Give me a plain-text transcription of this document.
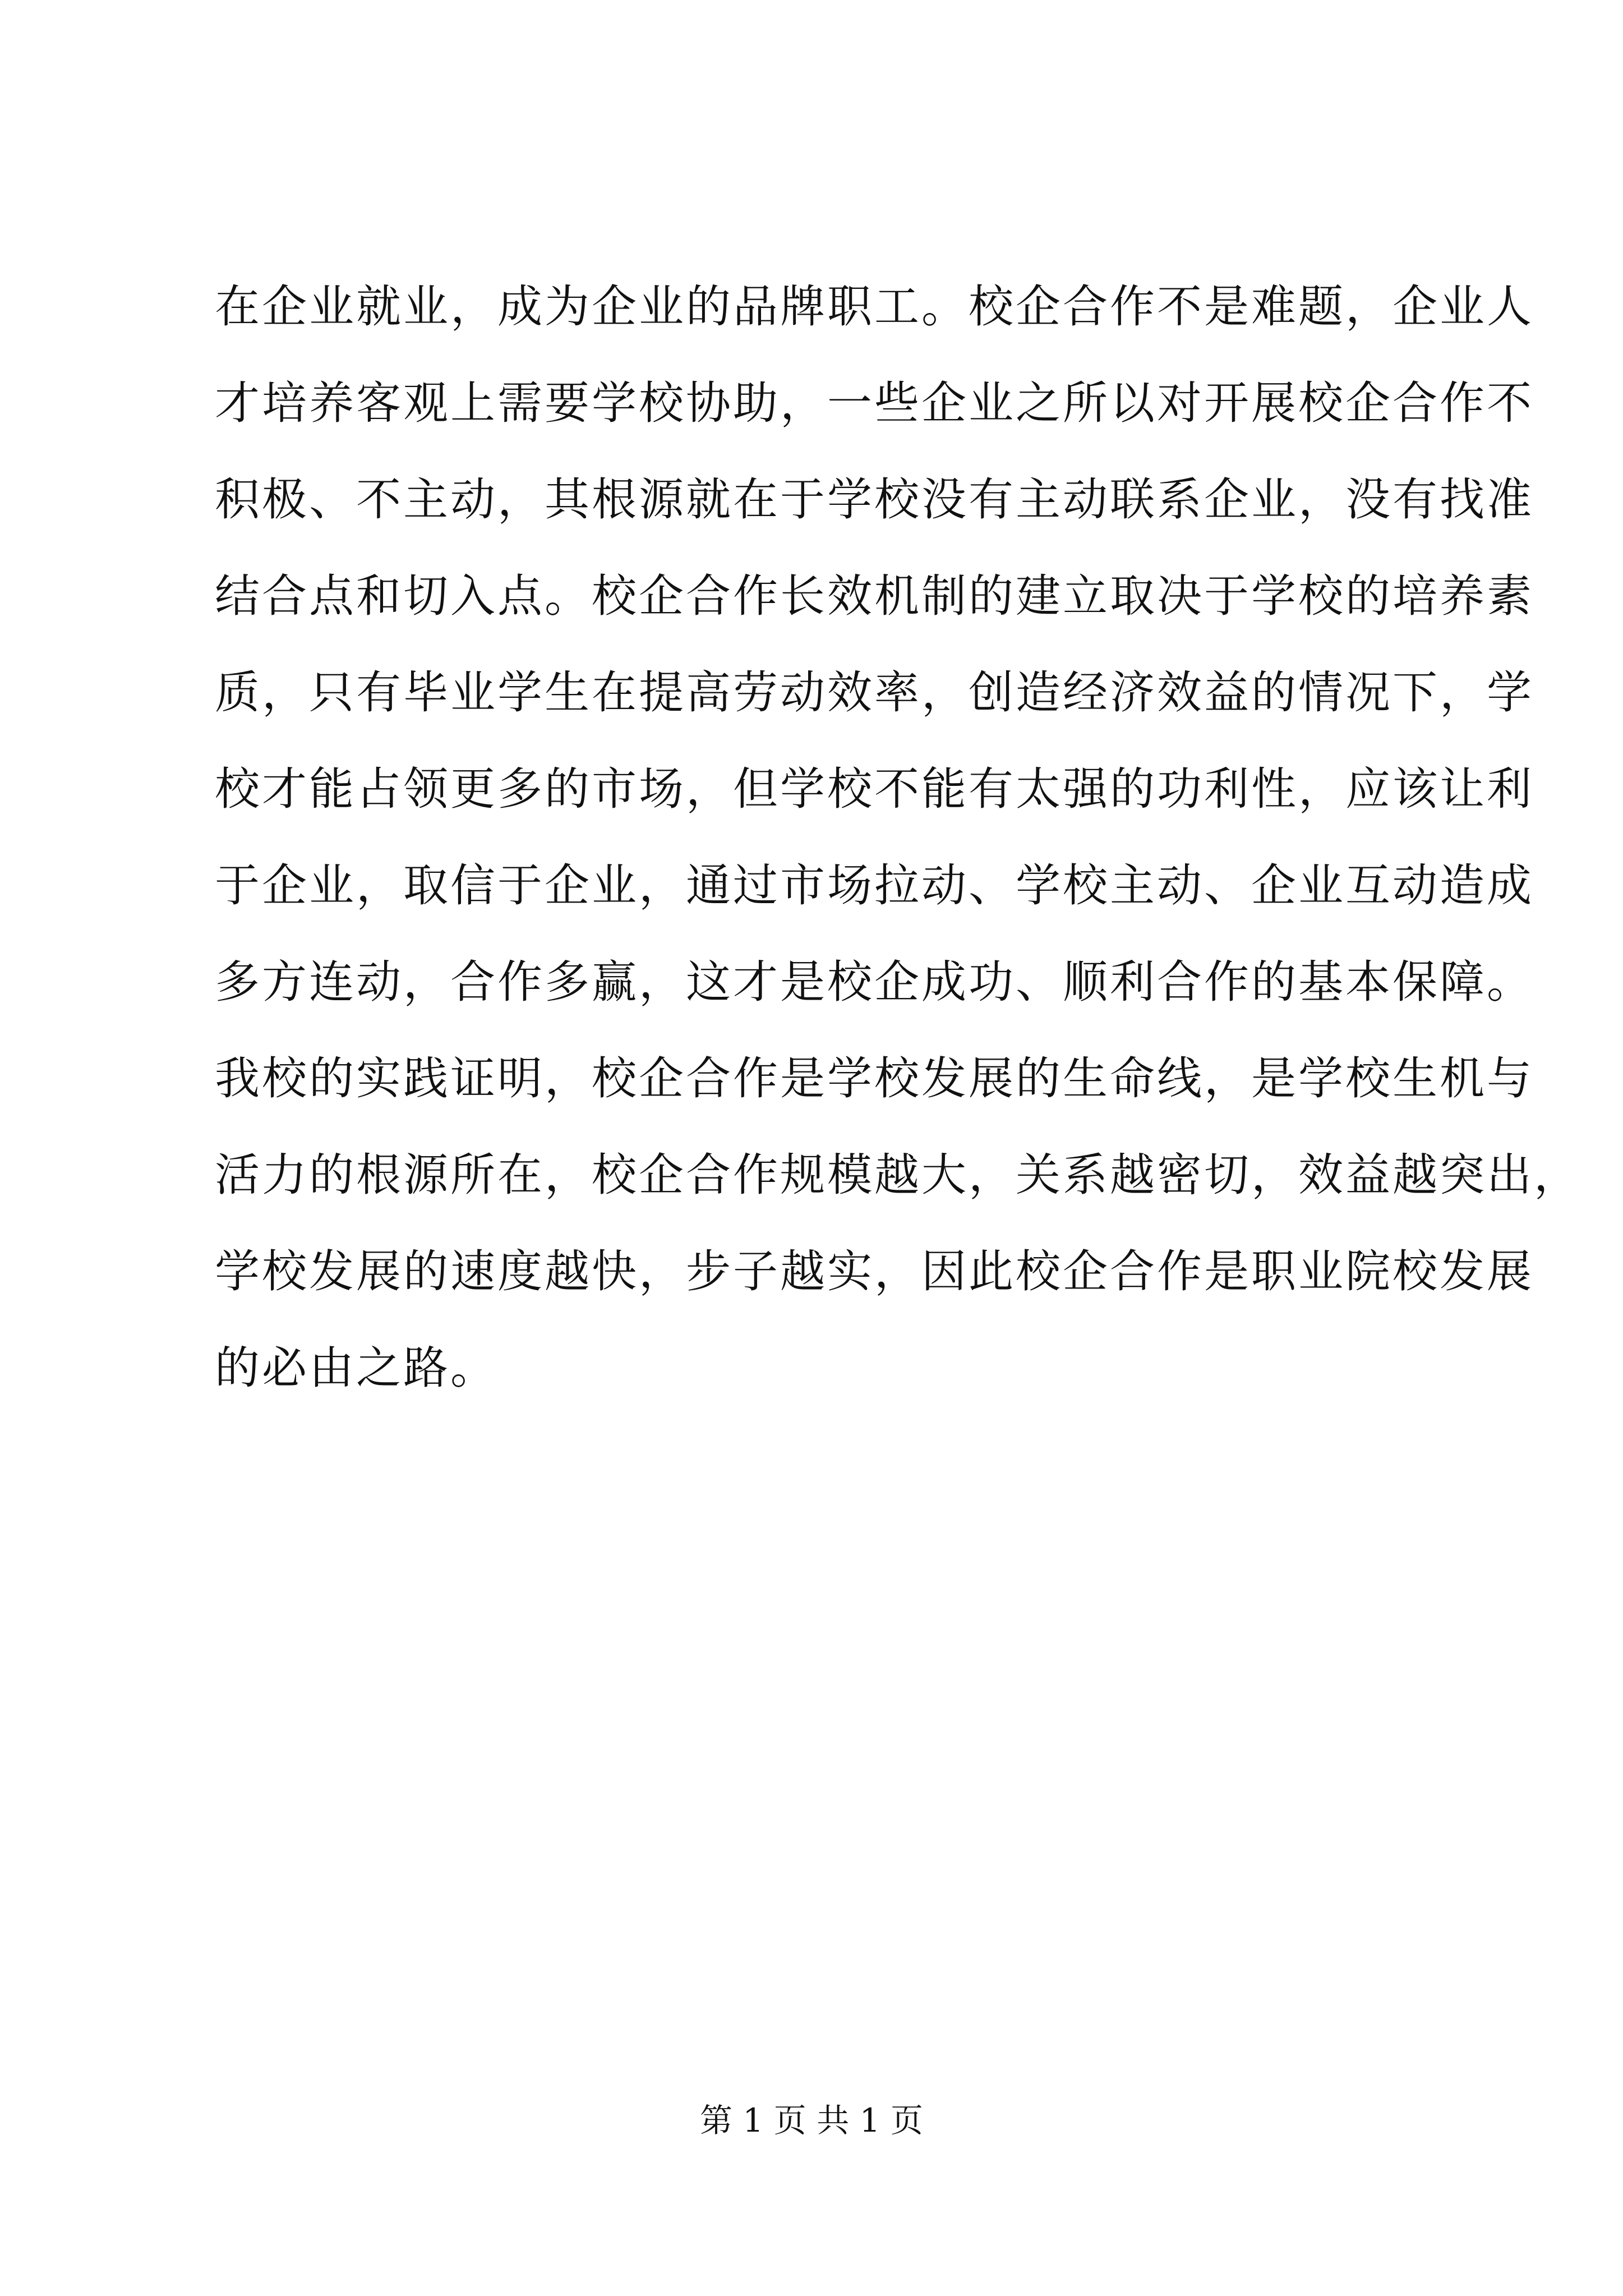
在企业就业，成为企业的品牌职工。校企合作不是难题，企业人
才培养客观上需要学校协助，一些企业之所以对开展校企合作不
积极、不主动，其根源就在于学校没有主动联系企业，没有找准
结合点和切入点。校企合作长效机制的建立取决于学校的培养素
质，只有毕业学生在提高劳动效率，创造经济效益的情况下，学
校才能占领更多的市场，但学校不能有太强的功利性，应该让利
于企业，取信于企业，通过市场拉动、学校主动、企业互动造成
多方连动，合作多赢，这才是校企成功、顺利合作的基本保障。
我校的实践证明，校企合作是学校发展的生命线，是学校生机与
活力的根源所在，校企合作规模越大，关系越密切，效益越突出，
学校发展的速度越快，步子越实，因此校企合作是职业院校发展
的必由之路。
第 1 页 共 1 页
